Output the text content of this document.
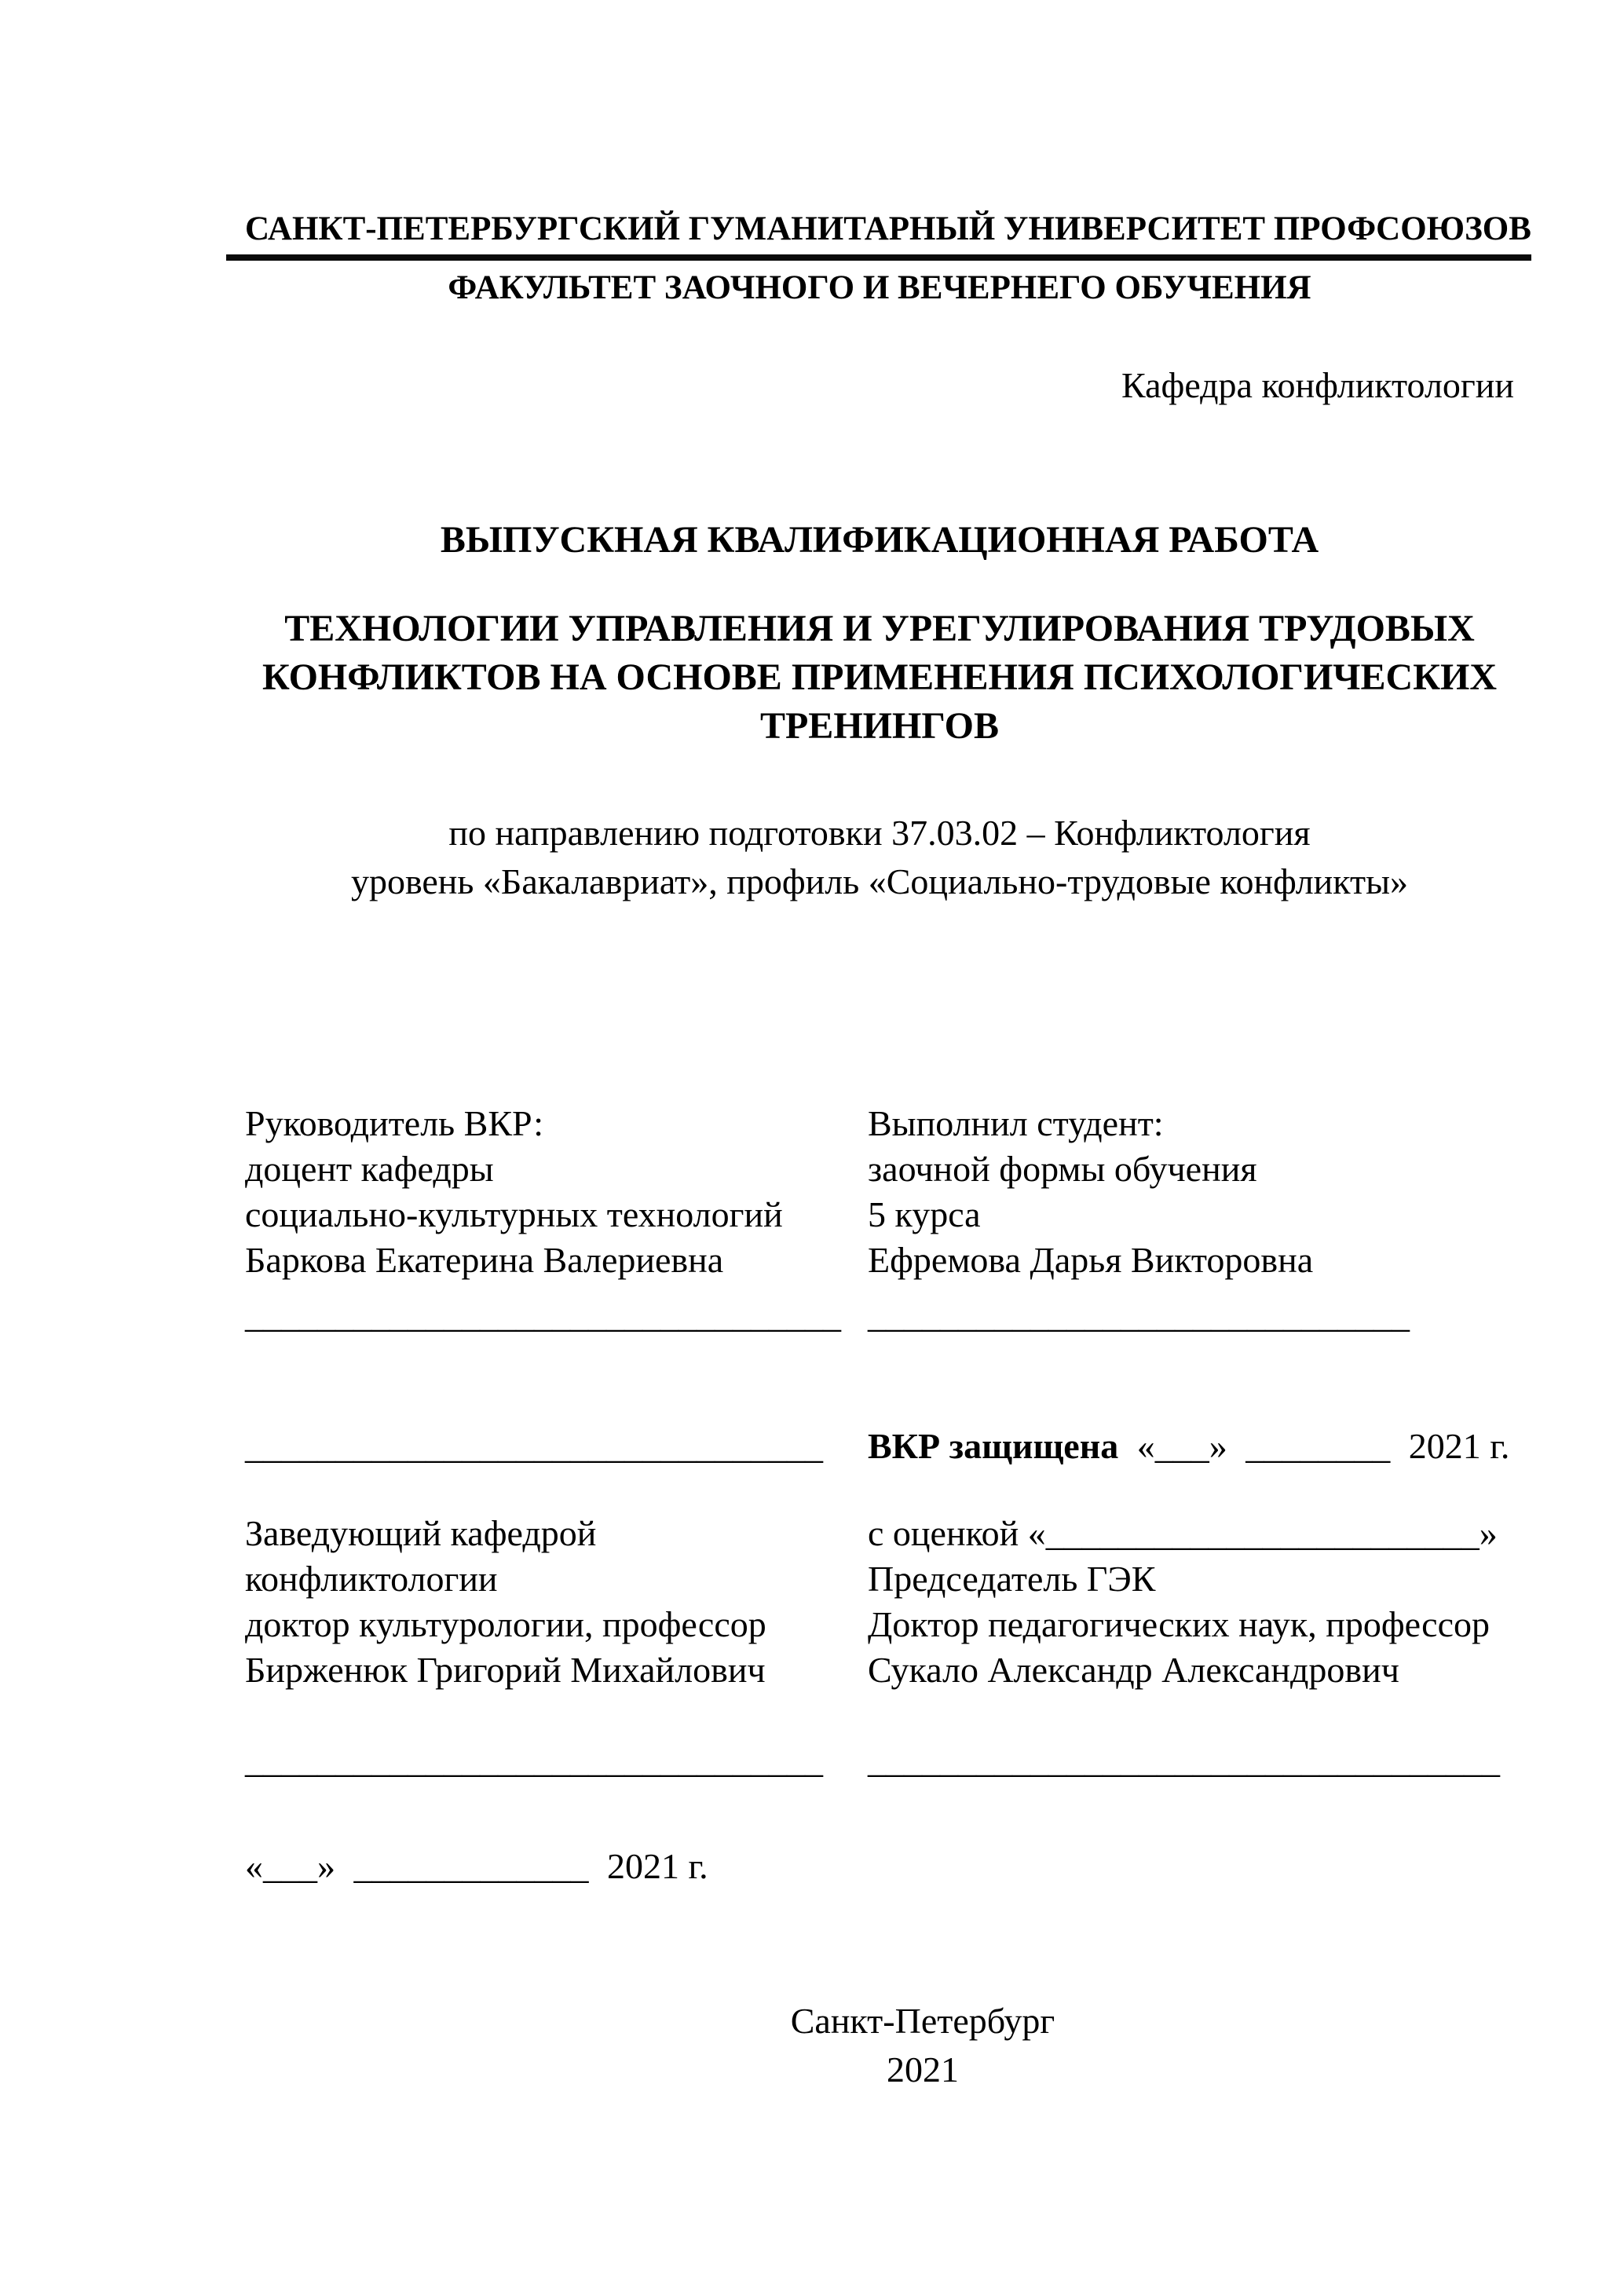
САНКТ-ПЕТЕРБУРГСКИЙ ГУМАНИТАРНЫЙ УНИВЕРСИТЕТ ПРОФСОЮЗОВ
ФАКУЛЬТЕТ ЗАОЧНОГО И ВЕЧЕРНЕГО ОБУЧЕНИЯ
Кафедра конфликтологии
ВЫПУСКНАЯ КВАЛИФИКАЦИОННАЯ РАБОТА
ТЕХНОЛОГИИ УПРАВЛЕНИЯ И УРЕГУЛИРОВАНИЯ ТРУДОВЫХ
КОНФЛИКТОВ НА ОСНОВЕ ПРИМЕНЕНИЯ ПСИХОЛОГИЧЕСКИХ
ТРЕНИНГОВ
по направлению подготовки 37.03.02 – Конфликтология
уровень «Бакалавриат», профиль «Социально-трудовые конфликты»
Руководитель ВКР:
доцент кафедры
социально-культурных технологий
Баркова Екатерина Валериевна
Выполнил студент:
заочной формы обучения
5 курса
Ефремова Дарья Викторовна
_________________________________ ______________________________
________________________________	ВКР защищена «___» ________ 2021 г.
Заведующий кафедрой
конфликтологии
доктор культурологии, профессор
Бирженюк Григорий Михайлович
с оценкой «________________________»
Председатель ГЭК
Доктор педагогических наук, профессор
Сукало Александр Александрович
________________________________	___________________________________
«___» _____________ 2021 г.
Санкт-Петербург
2021
